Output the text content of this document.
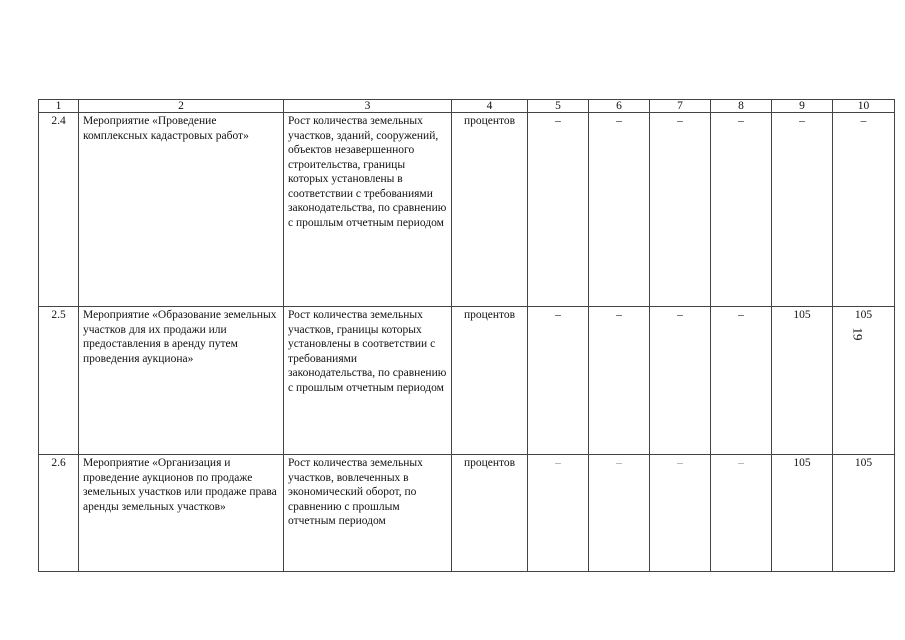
1	2	3	4	5	6	7	8	9	10
2.4	Мероприятие «Проведение комплексных кадастровых работ»	Рост количества земельных участков, зданий, сооружений, объектов незавершенного строительства, границы которых установлены в соответствии с требованиями законодательства, по сравнению с прошлым отчетным периодом	процентов	–	–	–	–	–	–
2.5	Мероприятие «Образование земельных участков для их продажи или предоставления в аренду путем проведения аукциона»	Рост количества земельных участков, границы которых установлены в соответствии с требованиями законодательства, по сравнению с прошлым отчетным периодом	процентов	–	–	–	–	105	105
2.6	Мероприятие «Организация и проведение аукционов по продаже земельных участков или продаже права аренды земельных участков»	Рост количества земельных участков, вовлеченных в экономический оборот, по сравнению с прошлым отчетным периодом	процентов	–	–	–	–	105	105
19
